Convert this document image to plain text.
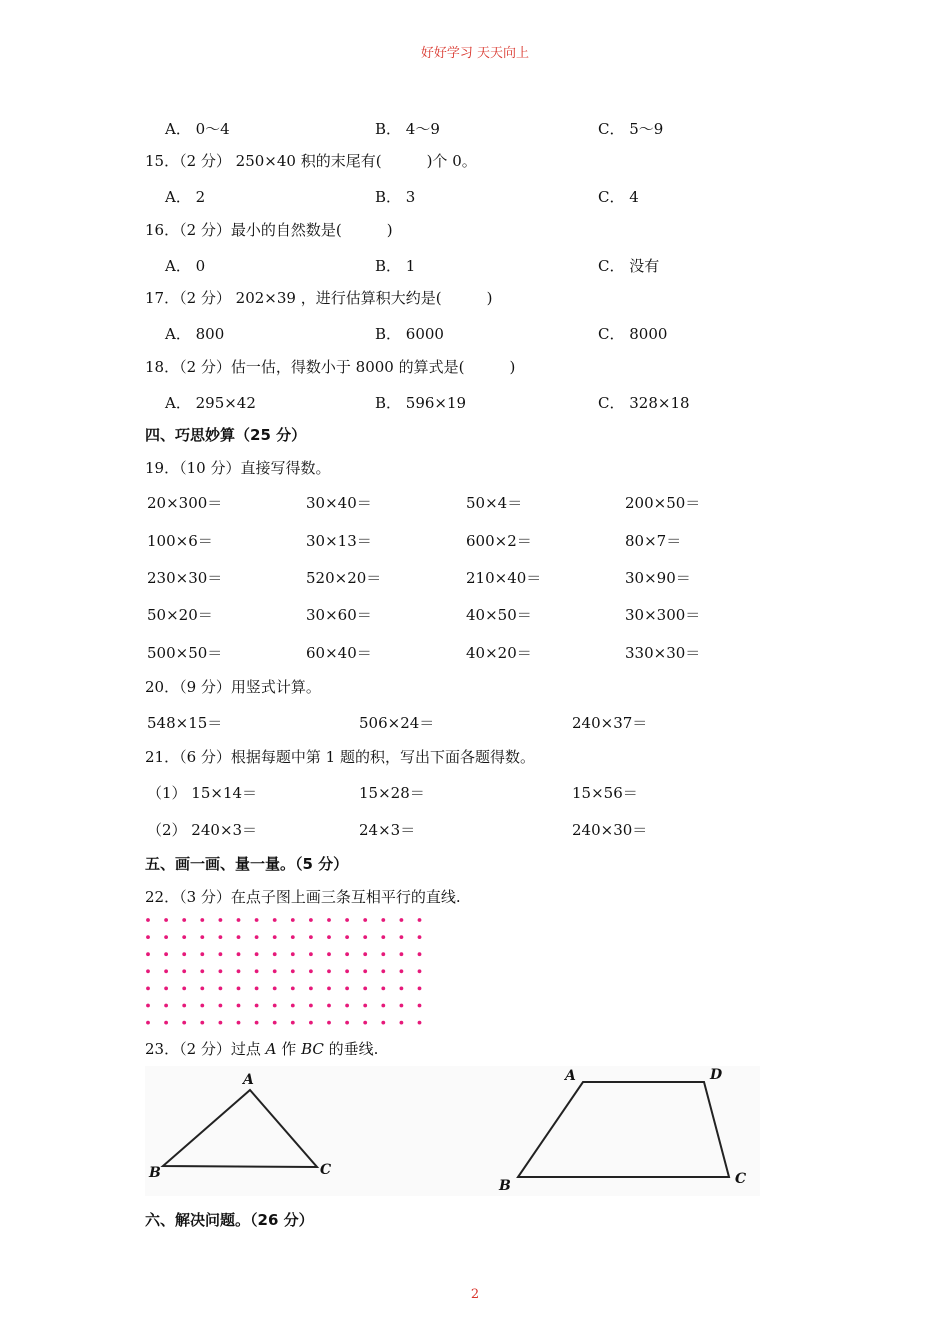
好好学习 天天向上
A． 0～4	B． 4～9	C． 5～9
15．（2 分） 250×40 积的末尾有(　　　)个 0。
A． 2	B． 3	C． 4
16．（2 分）最小的自然数是(　　　)
A． 0	B． 1	C． 没有
17．（2 分） 202×39 ，进行估算积大约是(　　　)
A． 800	B． 6000	C． 8000
18．（2 分）估一估，得数小于 8000 的算式是(　　　)
A． 295×42	B． 596×19	C． 328×18
四、巧思妙算（25 分）
19．（10 分）直接写得数。
20×300＝	30×40＝	50×4＝	200×50＝
100×6＝	30×13＝	600×2＝	80×7＝
230×30＝	520×20＝	210×40＝	30×90＝
50×20＝	30×60＝	40×50＝	30×300＝
500×50＝	60×40＝	40×20＝	330×30＝
20．（9 分）用竖式计算。
548×15＝	506×24＝	240×37＝
21．（6 分）根据每题中第 1 题的积，写出下面各题得数。
（1） 15×14＝	15×28＝	15×56＝
（2） 240×3＝	24×3＝	240×30＝
五、画一画、量一量。（5 分）
22．（3 分）在点子图上画三条互相平行的直线.
23．（2 分）过点 A 作 BC 的垂线.
A
B	C
A	D
B	C
六、解决问题。（26 分）
2
